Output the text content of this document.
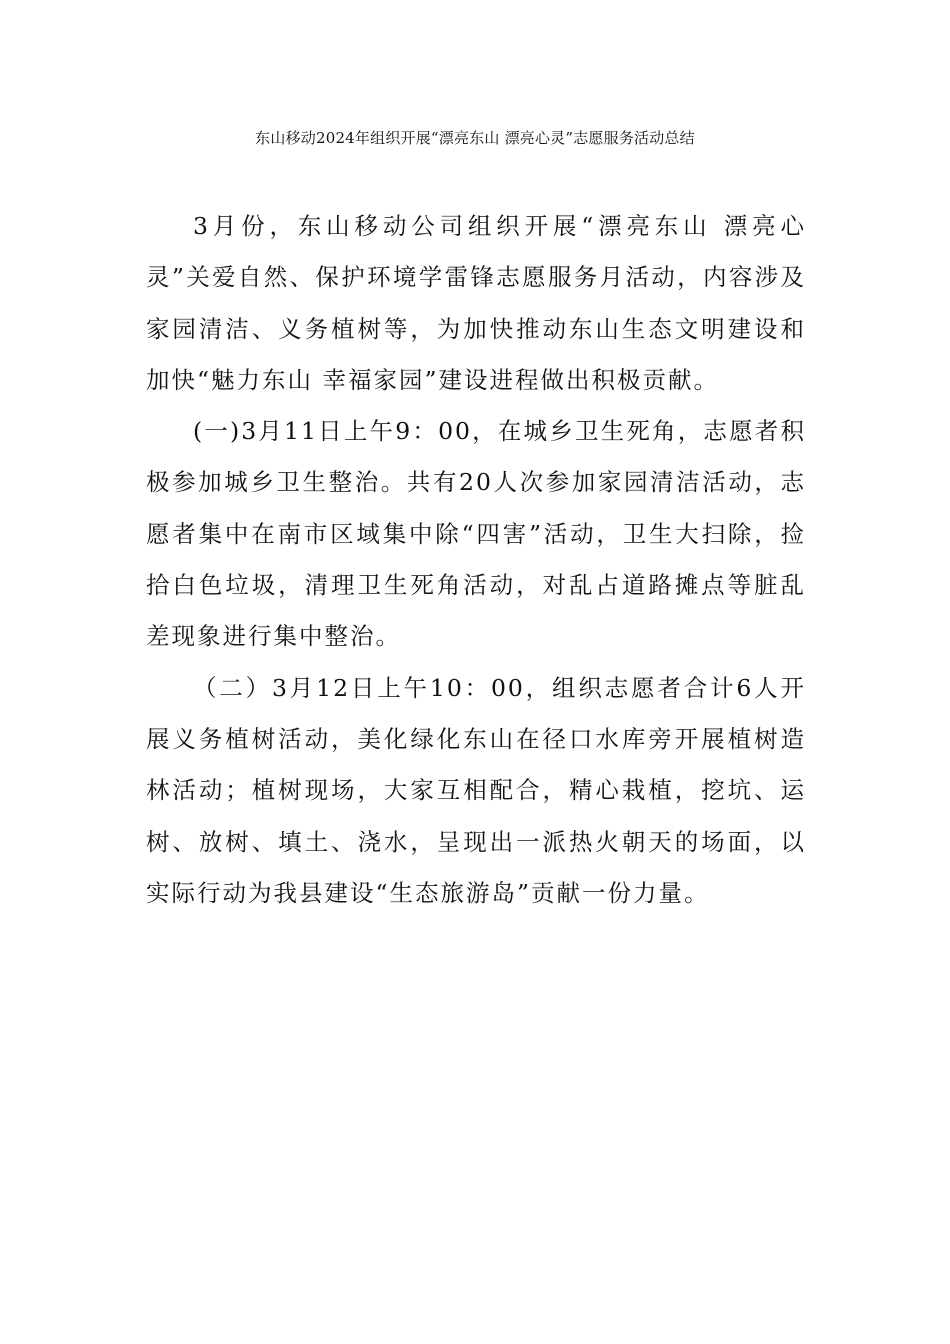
东山移动2024年组织开展“漂亮东山 漂亮心灵”志愿服务活动总结

3月份，东山移动公司组织开展“漂亮东山 漂亮心灵”关爱自然、保护环境学雷锋志愿服务月活动，内容涉及家园清洁、义务植树等，为加快推动东山生态文明建设和加快“魅力东山 幸福家园”建设进程做出积极贡献。

(一)3月11日上午9：00，在城乡卫生死角，志愿者积极参加城乡卫生整治。共有20人次参加家园清洁活动，志愿者集中在南市区域集中除“四害”活动，卫生大扫除，捡拾白色垃圾，清理卫生死角活动，对乱占道路摊点等脏乱差现象进行集中整治。

（二）3月12日上午10：00，组织志愿者合计6人开展义务植树活动，美化绿化东山在径口水库旁开展植树造林活动；植树现场，大家互相配合，精心栽植，挖坑、运树、放树、填土、浇水，呈现出一派热火朝天的场面，以实际行动为我县建设“生态旅游岛”贡献一份力量。
